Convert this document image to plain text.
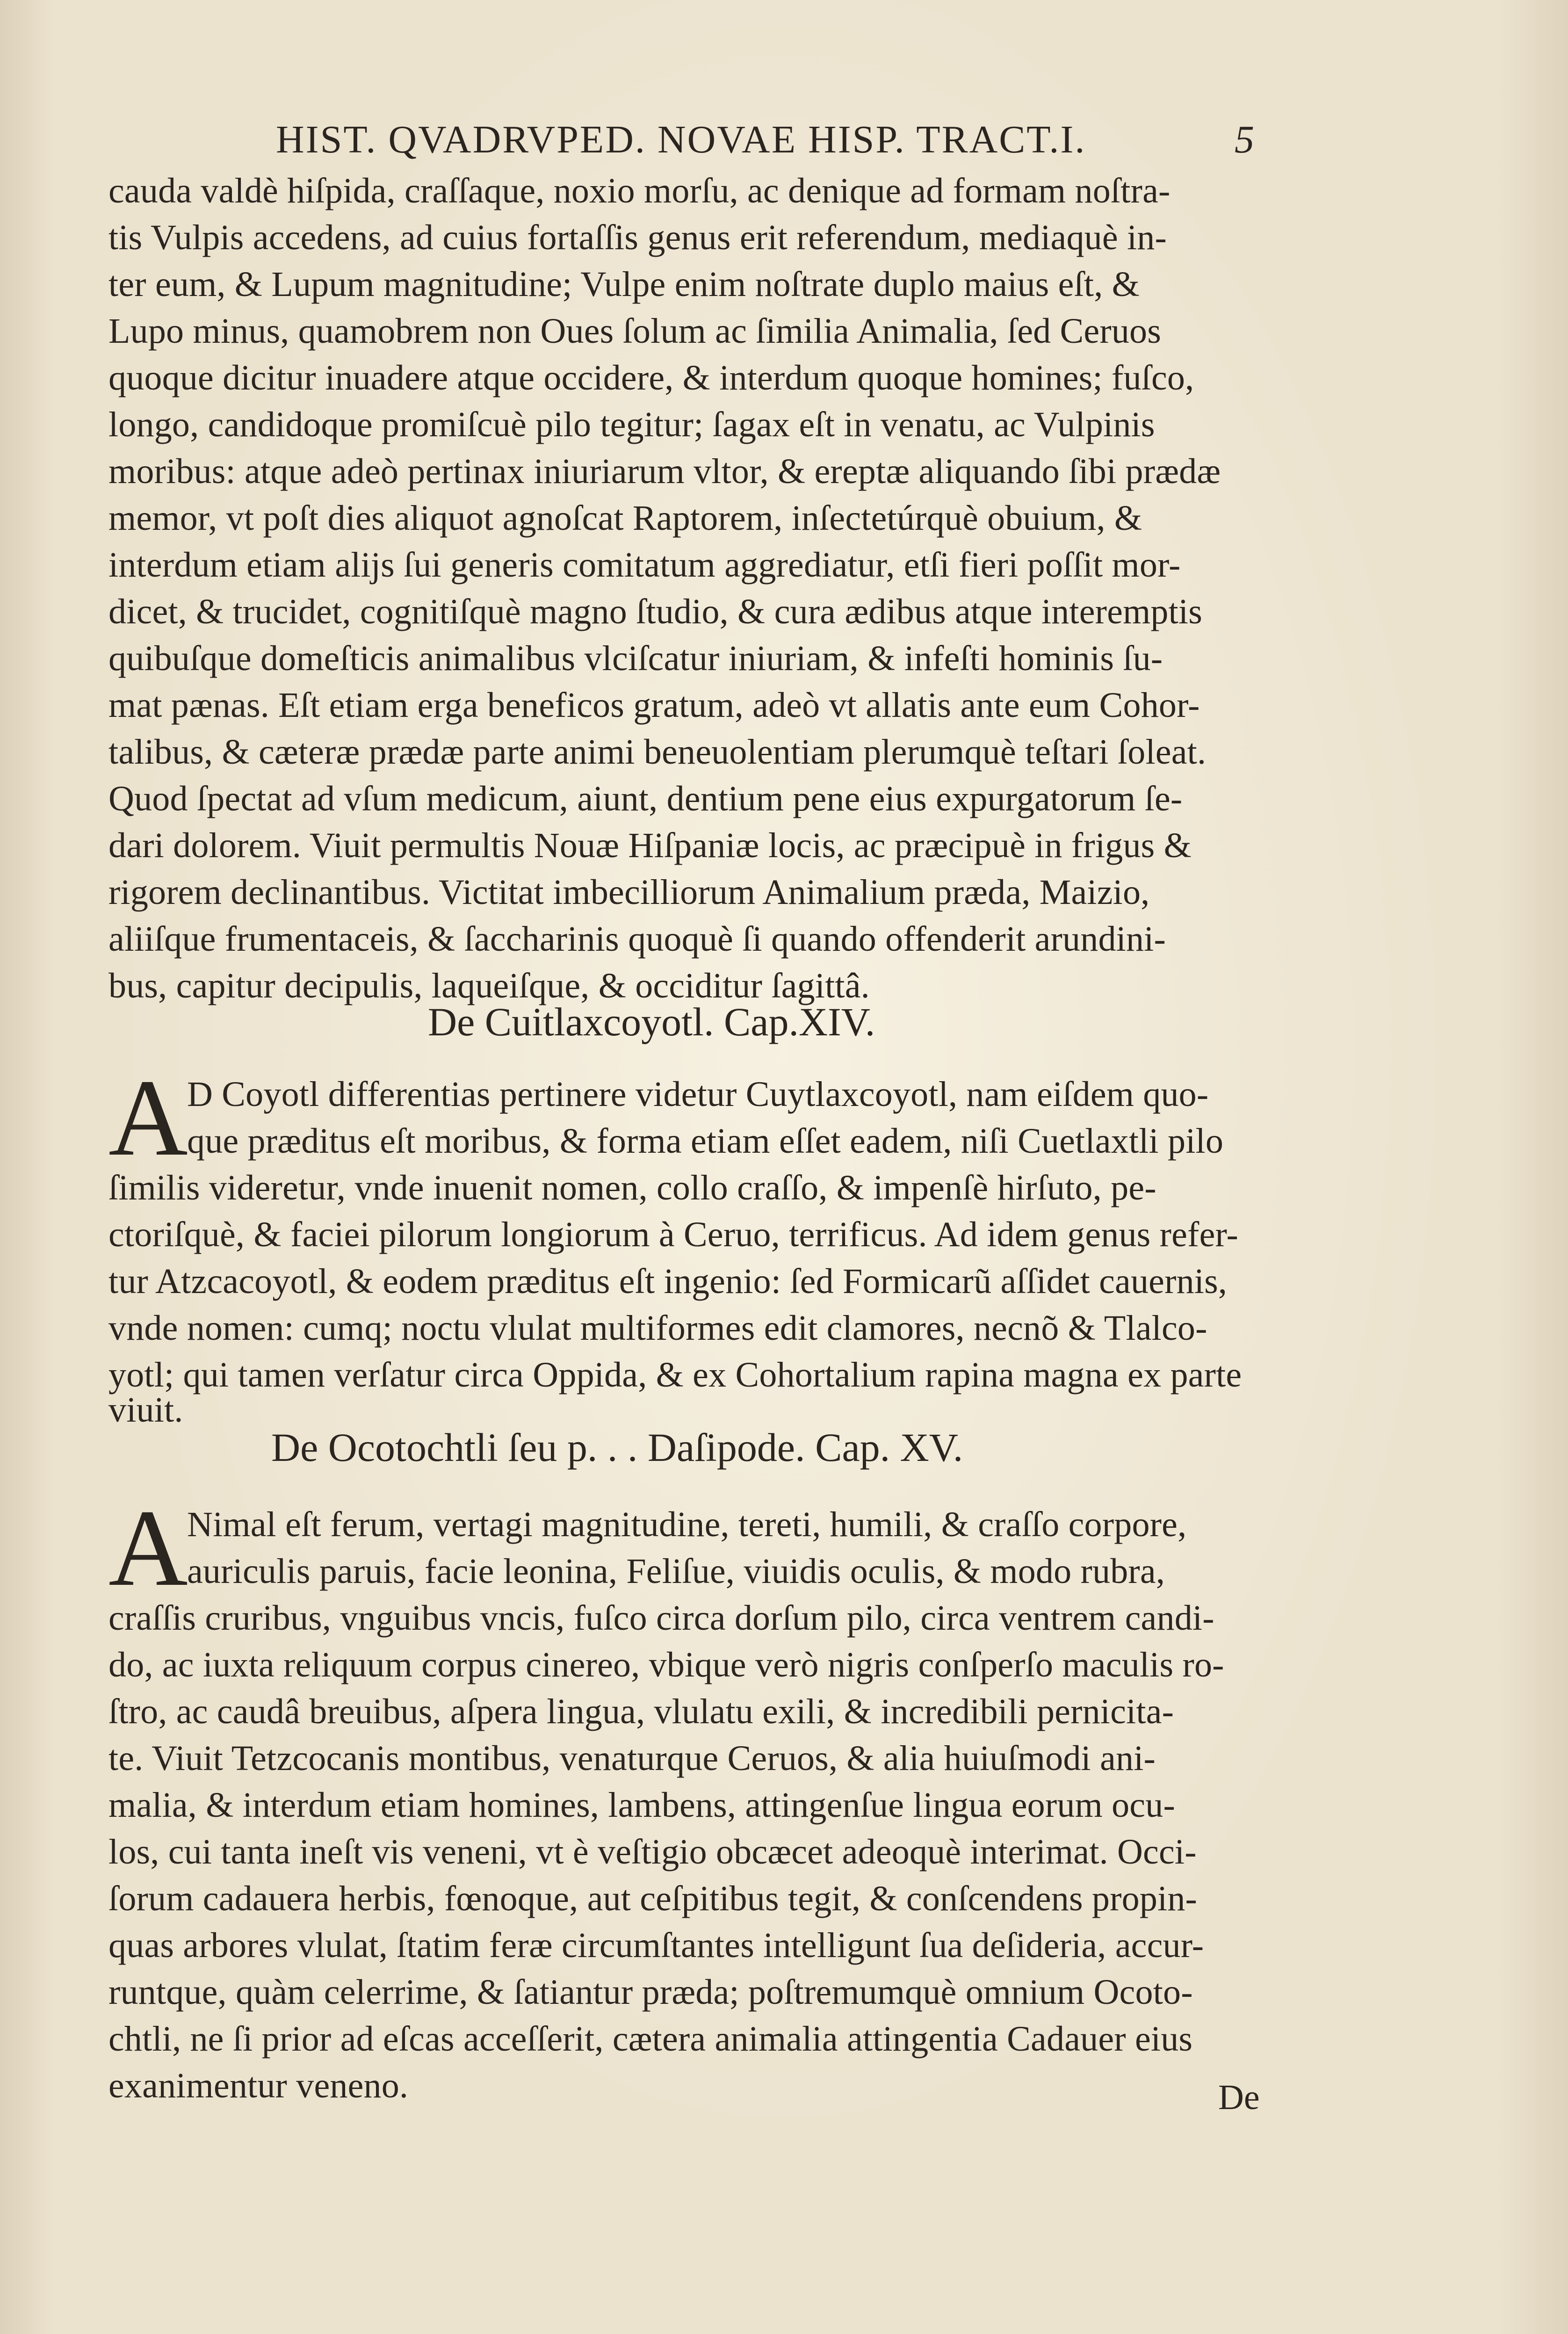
HIST. QVADRVPED. NOVAE HISP. TRACT.I.	5
cauda valdè hiſpida, craſſaque, noxio morſu, ac denique ad formam noſtra-
tis Vulpis accedens, ad cuius fortaſſis genus erit referendum, mediaquè in-
ter eum, & Lupum magnitudine; Vulpe enim noſtrate duplo maius eſt, &
Lupo minus, quamobrem non Oues ſolum ac ſimilia Animalia, ſed Ceruos
quoque dicitur inuadere atque occidere, & interdum quoque homines; fuſco,
longo, candidoque promiſcuè pilo tegitur; ſagax eſt in venatu, ac Vulpinis
moribus: atque adeò pertinax iniuriarum vltor, & ereptæ aliquando ſibi prædæ
memor, vt poſt dies aliquot agnoſcat Raptorem, inſectetúrquè obuium, &
interdum etiam alijs ſui generis comitatum aggrediatur, etſi fieri poſſit mor-
dicet, & trucidet, cognitiſquè magno ſtudio, & cura ædibus atque interemptis
quibuſque domeſticis animalibus vlciſcatur iniuriam, & infeſti hominis ſu-
mat pænas. Eſt etiam erga beneficos gratum, adeò vt allatis ante eum Cohor-
talibus, & cæteræ prædæ parte animi beneuolentiam plerumquè teſtari ſoleat.
Quod ſpectat ad vſum medicum, aiunt, dentium pene eius expurgatorum ſe-
dari dolorem. Viuit permultis Nouæ Hiſpaniæ locis, ac præcipuè in frigus &
rigorem declinantibus. Victitat imbecilliorum Animalium præda, Maizio,
aliiſque frumentaceis, & ſaccharinis quoquè ſi quando offenderit arundini-
bus, capitur decipulis, laqueiſque, & occiditur ſagittâ.
De Cuitlaxcoyotl. Cap.XIV.
A
D Coyotl differentias pertinere videtur Cuytlaxcoyotl, nam eiſdem quo-
que præditus eſt moribus, & forma etiam eſſet eadem, niſi Cuetlaxtli pilo
ſimilis videretur, vnde inuenit nomen, collo craſſo, & impenſè hirſuto, pe-
ctoriſquè, & faciei pilorum longiorum à Ceruo, terrificus. Ad idem genus refer-
tur Atzcacoyotl, & eodem præditus eſt ingenio: ſed Formicarũ aſſidet cauernis,
vnde nomen: cumq; noctu vlulat multiformes edit clamores, necnõ & Tlalco-
yotl; qui tamen verſatur circa Oppida, & ex Cohortalium rapina magna ex parte
viuit.
De Ocotochtli ſeu p. . . Daſipode. Cap. XV.
A
Nimal eſt ferum, vertagi magnitudine, tereti, humili, & craſſo corpore,
auriculis paruis, facie leonina, Feliſue, viuidis oculis, & modo rubra,
craſſis cruribus, vnguibus vncis, fuſco circa dorſum pilo, circa ventrem candi-
do, ac iuxta reliquum corpus cinereo, vbique verò nigris conſperſo maculis ro-
ſtro, ac caudâ breuibus, aſpera lingua, vlulatu exili, & incredibili pernicita-
te. Viuit Tetzcocanis montibus, venaturque Ceruos, & alia huiuſmodi ani-
malia, & interdum etiam homines, lambens, attingenſue lingua eorum ocu-
los, cui tanta ineſt vis veneni, vt è veſtigio obcæcet adeoquè interimat. Occi-
ſorum cadauera herbis, fœnoque, aut ceſpitibus tegit, & conſcendens propin-
quas arbores vlulat, ſtatim feræ circumſtantes intelligunt ſua deſideria, accur-
runtque, quàm celerrime, & ſatiantur præda; poſtremumquè omnium Ocoto-
chtli, ne ſi prior ad eſcas acceſſerit, cætera animalia attingentia Cadauer eius
exanimentur veneno.	De
